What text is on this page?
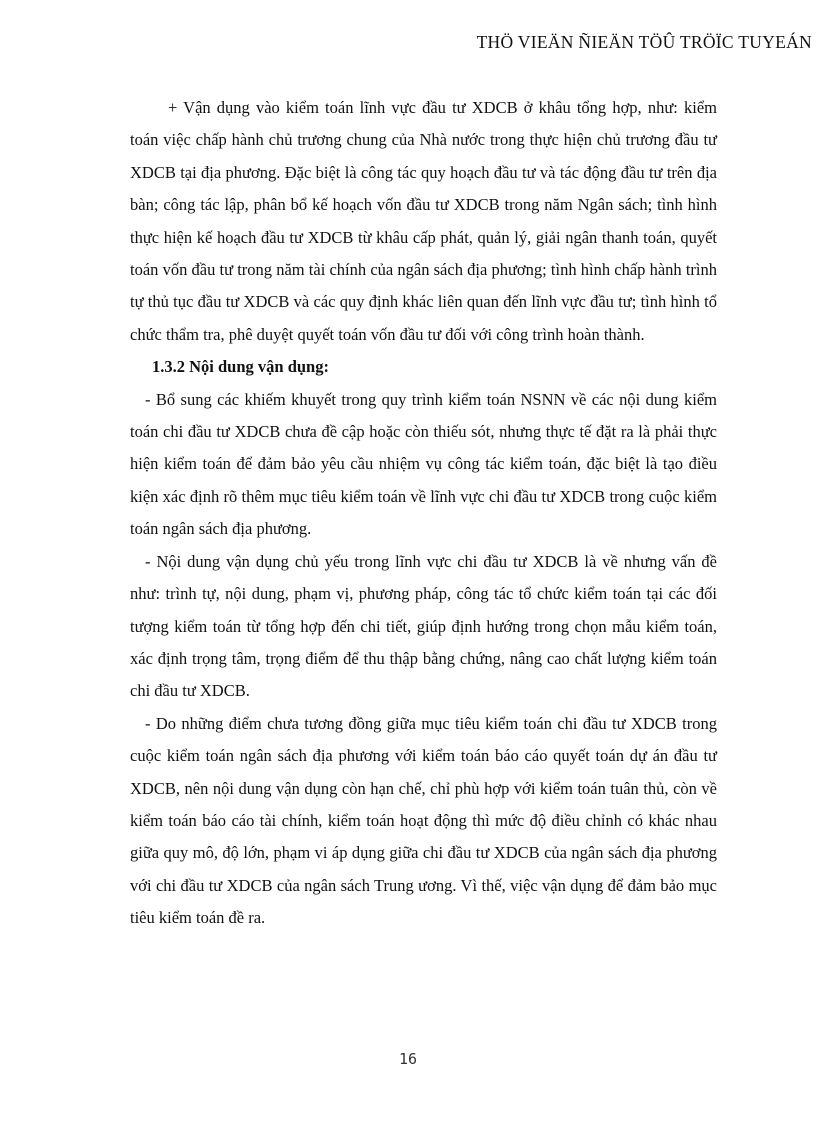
THÖ VIEÄN ÑIEÄN TÖÛ TRÖÏC TUYEÁN

+ Vận dụng vào kiểm toán lĩnh vực đầu tư XDCB ở khâu tổng hợp, như: kiểm toán việc chấp hành chủ trương chung của Nhà nước trong thực hiện chủ trương đầu tư XDCB tại địa phương. Đặc biệt là công tác quy hoạch đầu tư và tác động đầu tư trên địa bàn; công tác lập, phân bổ kế hoạch vốn đầu tư XDCB trong năm Ngân sách; tình hình thực hiện kế hoạch đầu tư XDCB từ khâu cấp phát, quản lý, giải ngân thanh toán, quyết toán vốn đầu tư trong năm tài chính của ngân sách địa phương; tình hình chấp hành trình tự thủ tục đầu tư XDCB và các quy định khác liên quan đến lĩnh vực đầu tư; tình hình tổ chức thẩm tra, phê duyệt quyết toán vốn đầu tư đối với công trình hoàn thành.

1.3.2 Nội dung vận dụng:

- Bổ sung các khiếm khuyết trong quy trình kiểm toán NSNN về các nội dung kiểm toán chi đầu tư XDCB chưa đề cập hoặc còn thiếu sót, nhưng thực tế đặt ra là phải thực hiện kiểm toán để đảm bảo yêu cầu nhiệm vụ công tác kiểm toán, đặc biệt là tạo điều kiện xác định rõ thêm mục tiêu kiểm toán về lĩnh vực chi đầu tư XDCB trong cuộc kiểm toán ngân sách địa phương.

- Nội dung vận dụng chủ yếu trong lĩnh vực chi đầu tư XDCB là về nhưng vấn đề như: trình tự, nội dung, phạm vị, phương pháp, công tác tổ chức kiểm toán tại các đối tượng kiểm toán từ tổng hợp đến chi tiết, giúp định hướng trong chọn mẫu kiểm toán, xác định trọng tâm, trọng điểm để thu thập bằng chứng, nâng cao chất lượng kiểm toán chi đầu tư XDCB.

- Do những điểm chưa tương đồng giữa mục tiêu kiểm toán chi đầu tư XDCB trong cuộc kiểm toán ngân sách địa phương với kiểm toán báo cáo quyết toán dự án đầu tư XDCB, nên nội dung vận dụng còn hạn chế, chỉ phù hợp với kiểm toán tuân thủ, còn về kiểm toán báo cáo tài chính, kiểm toán hoạt động thì mức độ điều chỉnh có khác nhau giữa quy mô, độ lớn, phạm vi áp dụng giữa chi đầu tư XDCB của ngân sách địa phương với chi đầu tư XDCB của ngân sách Trung ương. Vì thế, việc vận dụng để đảm bảo mục tiêu kiểm toán đề ra.

16
